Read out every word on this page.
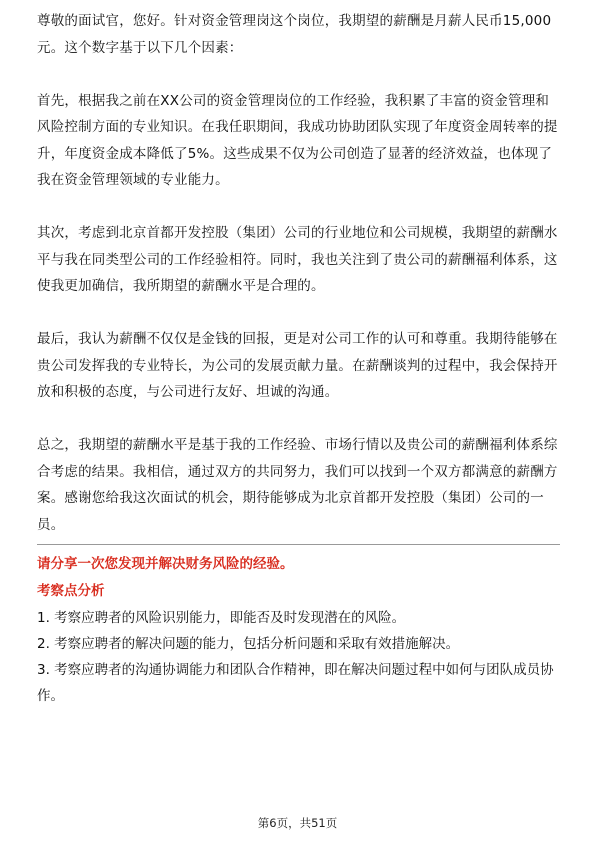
尊敬的面试官，您好。针对资金管理岗这个岗位，我期望的薪酬是月薪人民币15,000元。这个数字基于以下几个因素：

首先，根据我之前在XX公司的资金管理岗位的工作经验，我积累了丰富的资金管理和风险控制方面的专业知识。在我任职期间，我成功协助团队实现了年度资金周转率的提升，年度资金成本降低了5%。这些成果不仅为公司创造了显著的经济效益，也体现了我在资金管理领域的专业能力。

其次，考虑到北京首都开发控股（集团）公司的行业地位和公司规模，我期望的薪酬水平与我在同类型公司的工作经验相符。同时，我也关注到了贵公司的薪酬福利体系，这使我更加确信，我所期望的薪酬水平是合理的。

最后，我认为薪酬不仅仅是金钱的回报，更是对公司工作的认可和尊重。我期待能够在贵公司发挥我的专业特长，为公司的发展贡献力量。在薪酬谈判的过程中，我会保持开放和积极的态度，与公司进行友好、坦诚的沟通。

总之，我期望的薪酬水平是基于我的工作经验、市场行情以及贵公司的薪酬福利体系综合考虑的结果。我相信，通过双方的共同努力，我们可以找到一个双方都满意的薪酬方案。感谢您给我这次面试的机会，期待能够成为北京首都开发控股（集团）公司的一员。

请分享一次您发现并解决财务风险的经验。
考察点分析

1. 考察应聘者的风险识别能力，即能否及时发现潜在的风险。

2. 考察应聘者的解决问题的能力，包括分析问题和采取有效措施解决。

3. 考察应聘者的沟通协调能力和团队合作精神，即在解决问题过程中如何与团队成员协作。

第6页，共51页
